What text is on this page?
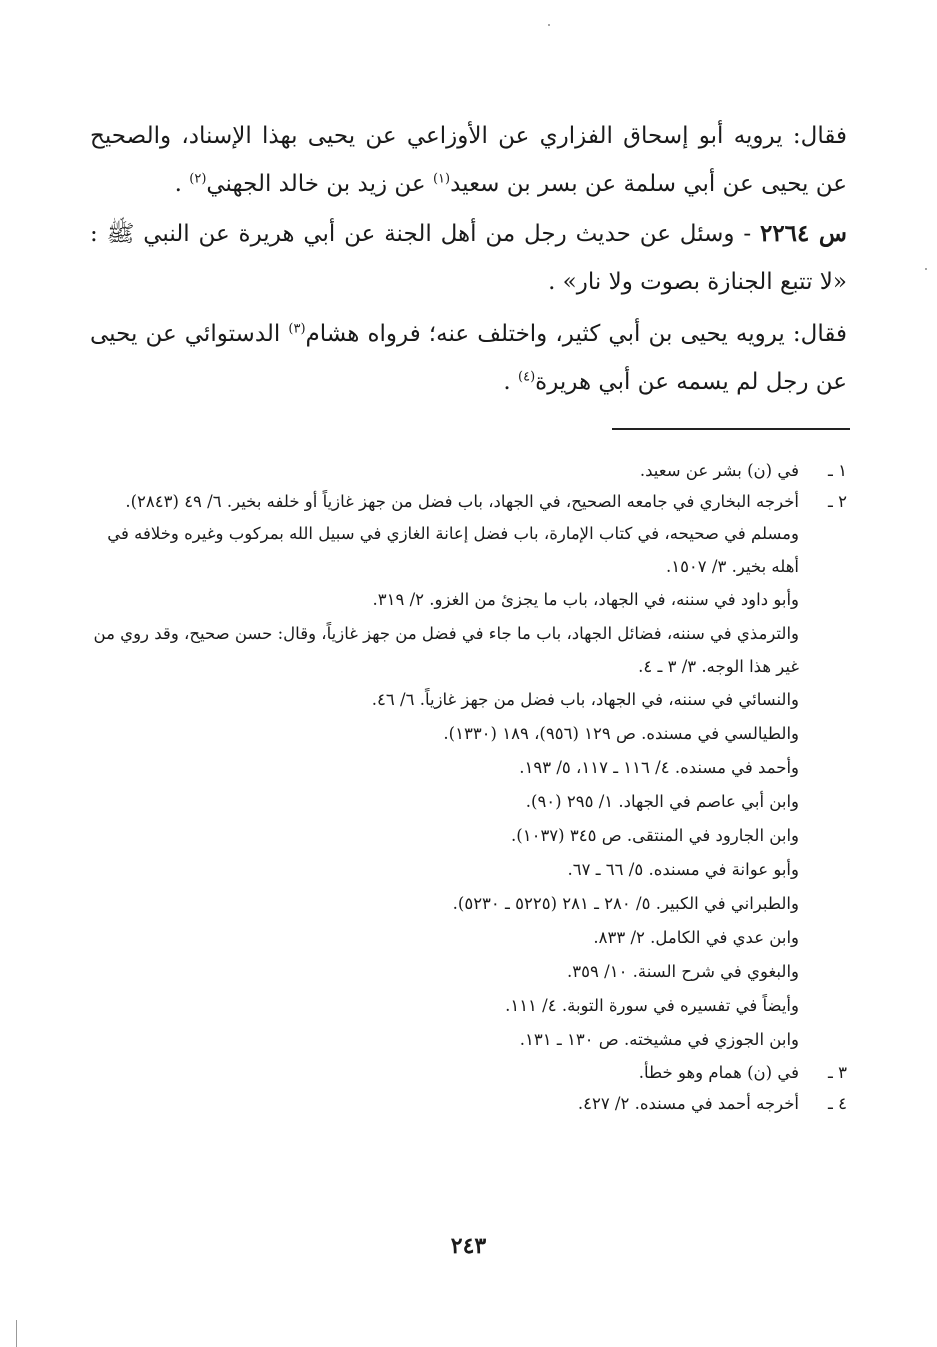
فقال: يرويه أبو إسحاق الفزاري عن الأوزاعي عن يحيى بهذا الإسناد، والصحيح عن يحيى عن أبي سلمة عن بسر بن سعيد$^{(١)}$ عن زيد بن خالد الجهني$^{(٢)}$ .

س ٢٢٦٤ - وسئل عن حديث رجل من أهل الجنة عن أبي هريرة عن النبي ﷺ : «لا تتبع الجنازة بصوت ولا نار» .

فقال: يرويه يحيى بن أبي كثير، واختلف عنه؛ فرواه هشام$^{(٣)}$ الدستوائي عن يحيى عن رجل لم يسمه عن أبي هريرة$^{(٤)}$ .

١ ـ
في (ن) بشر عن سعيد.
٢ ـ
أخرجه البخاري في جامعه الصحيح، في الجهاد، باب فضل من جهز غازياً أو خلفه بخير. ٦/ ٤٩ (٢٨٤٣).
ومسلم في صحيحه، في كتاب الإمارة، باب فضل إعانة الغازي في سبيل الله بمركوب وغيره وخلافه في أهله بخير. ٣/ ١٥٠٧.
وأبو داود في سننه، في الجهاد، باب ما يجزئ من الغزو. ٢/ ٣١٩.
والترمذي في سننه، فضائل الجهاد، باب ما جاء في فضل من جهز غازياً، وقال: حسن صحيح، وقد روي من غير هذا الوجه. ٣/ ٣ ـ ٤.
والنسائي في سننه، في الجهاد، باب فضل من جهز غازياً. ٦/ ٤٦.
والطيالسي في مسنده. ص ١٢٩ (٩٥٦)، ١٨٩ (١٣٣٠).
وأحمد في مسنده. ٤/ ١١٦ ـ ١١٧، ٥/ ١٩٣.
وابن أبي عاصم في الجهاد. ١/ ٢٩٥ (٩٠).
وابن الجارود في المنتقى. ص ٣٤٥ (١٠٣٧).
وأبو عوانة في مسنده. ٥/ ٦٦ ـ ٦٧.
والطبراني في الكبير. ٥/ ٢٨٠ ـ ٢٨١ (٥٢٢٥ ـ ٥٢٣٠).
وابن عدي في الكامل. ٢/ ٨٣٣.
والبغوي في شرح السنة. ١٠/ ٣٥٩.
وأيضاً في تفسيره في سورة التوبة. ٤/ ١١١.
وابن الجوزي في مشيخته. ص ١٣٠ ـ ١٣١.
٣ ـ
في (ن) همام وهو خطأ.
٤ ـ
أخرجه أحمد في مسنده. ٢/ ٤٢٧.
٢٤٣
